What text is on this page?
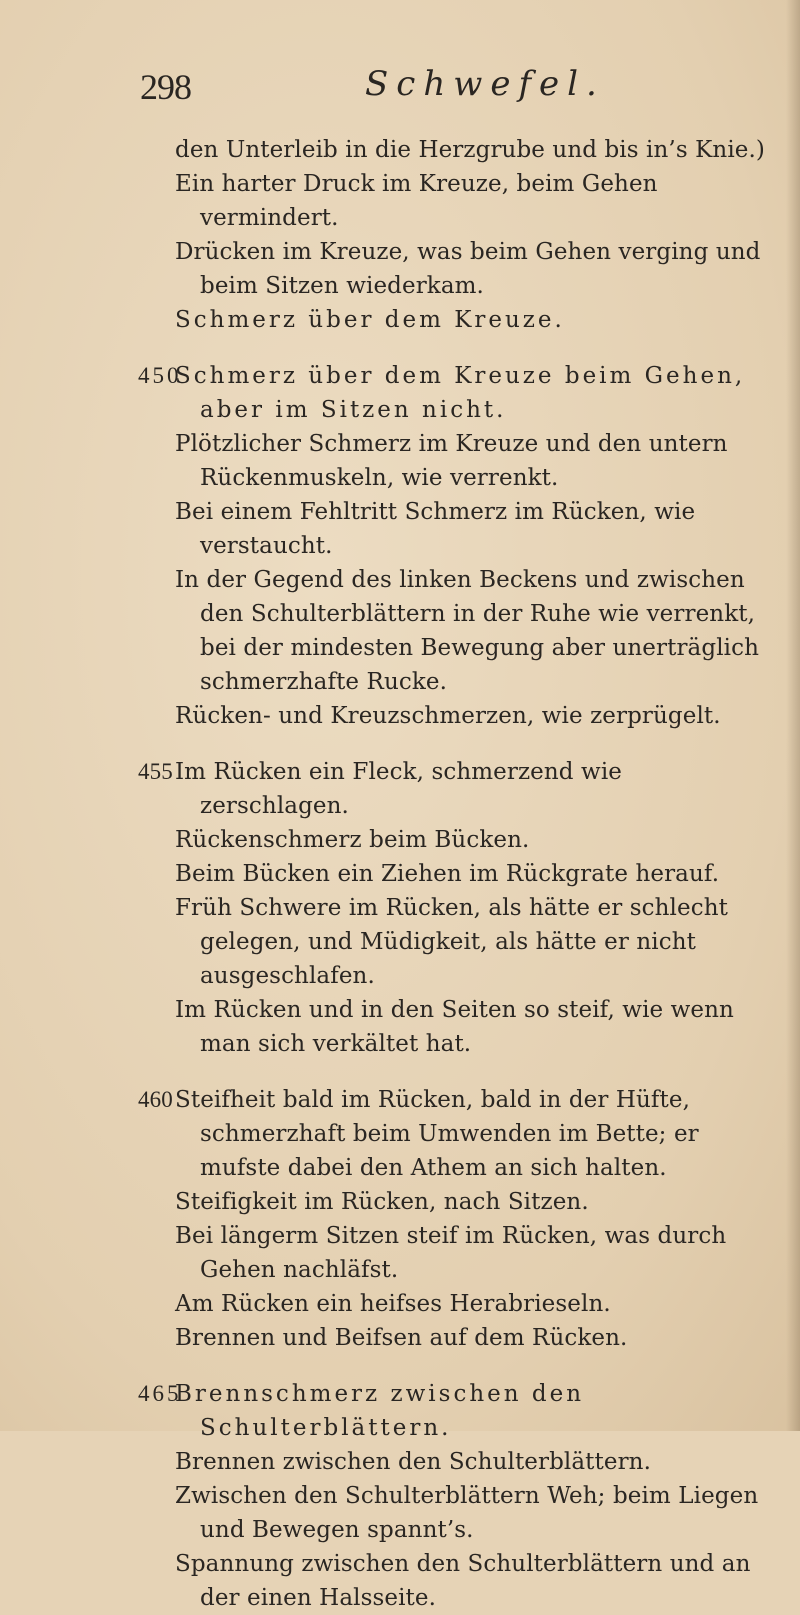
298	Schwefel.

den Unterleib in die Herzgrube und bis in’s Knie.)

Ein harter Druck im Kreuze, beim Gehen vermindert.

Drücken im Kreuze, was beim Gehen verging und beim Sitzen wiederkam.

Schmerz über dem Kreuze.

450
Schmerz über dem Kreuze beim Gehen, aber im Sitzen nicht.

Plötzlicher Schmerz im Kreuze und den untern Rückenmuskeln, wie verrenkt.

Bei einem Fehltritt Schmerz im Rücken, wie verstaucht.

In der Gegend des linken Beckens und zwischen den Schulterblättern in der Ruhe wie verrenkt, bei der mindesten Bewegung aber unerträglich schmerzhafte Rucke.

Rücken- und Kreuzschmerzen, wie zerprügelt.

455 Im Rücken ein Fleck, schmerzend wie zerschlagen.

Rückenschmerz beim Bücken.

Beim Bücken ein Ziehen im Rückgrate herauf.

Früh Schwere im Rücken, als hätte er schlecht gelegen, und Müdigkeit, als hätte er nicht ausgeschlafen.

Im Rücken und in den Seiten so steif, wie wenn man sich verkältet hat.

460 Steifheit bald im Rücken, bald in der Hüfte, schmerzhaft beim Umwenden im Bette; er mufste dabei den Athem an sich halten.

Steifigkeit im Rücken, nach Sitzen.

Bei längerm Sitzen steif im Rücken, was durch Gehen nachläfst.

Am Rücken ein heifses Herabrieseln.

Brennen und Beifsen auf dem Rücken.

465
Brennschmerz zwischen den Schulterblättern.

Brennen zwischen den Schulterblättern.

Zwischen den Schulterblättern Weh; beim Liegen und Bewegen spannt’s.

Spannung zwischen den Schulterblättern und an der einen Halsseite.
